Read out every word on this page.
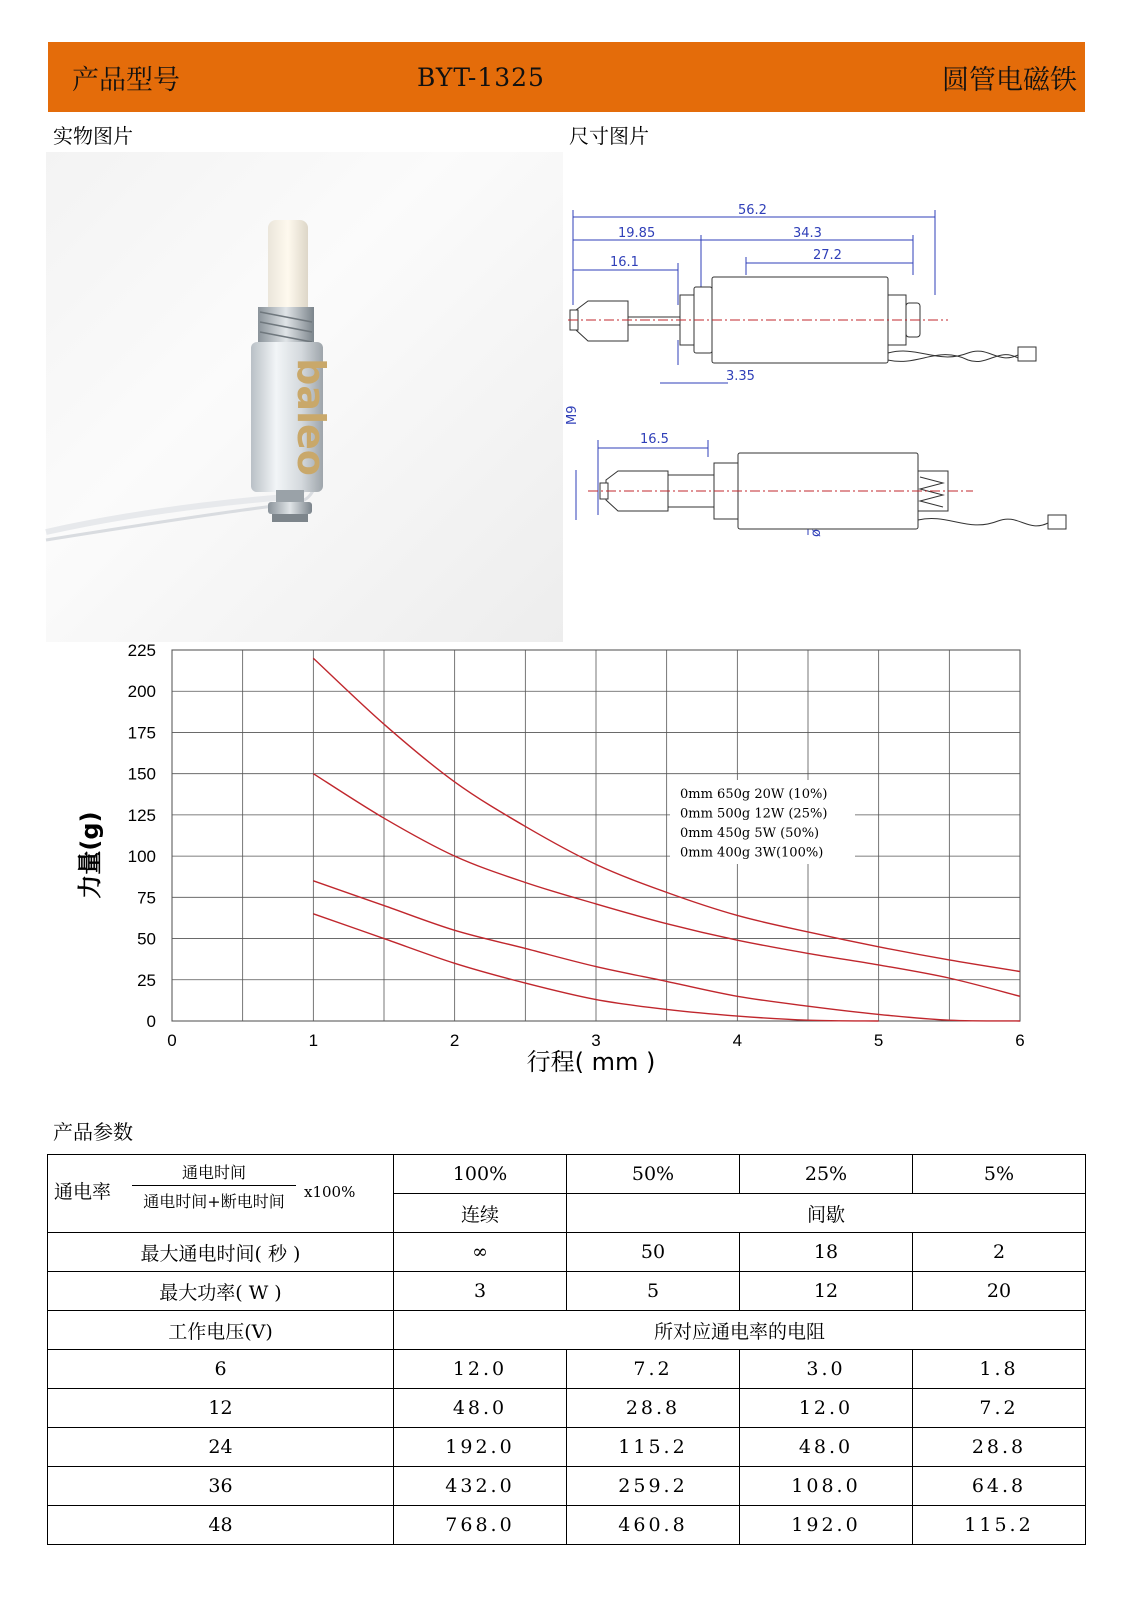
产品型号	BYT-1325	圆管电磁铁
实物图片	尺寸图片
baleo
56.2
19.85	34.3
27.2
16.1
3.35
16.5
M9
0
25
50
75
100
125
150
175
200
225
0	1	2	3	4	5	6
0mm 650g 20W (10%)
0mm 500g 12W (25%)
0mm 450g 5W (50%)
0mm 400g 3W(100%)
行程( mm )
力量(g)
产品参数
通电率
通电时间
通电时间+断电时间 x100%	100%	50%	25%	5%
	连续	间歇		
最大通电时间( 秒 )	∞	50	18	2
最大功率( W )	3	5	12	20
工作电压(V)	所对应通电率的电阻			
6	12.0	7.2	3.0	1.8
12	48.0	28.8	12.0	7.2
24	192.0	115.2	48.0	28.8
36	432.0	259.2	108.0	64.8
48	768.0	460.8	192.0	115.2
